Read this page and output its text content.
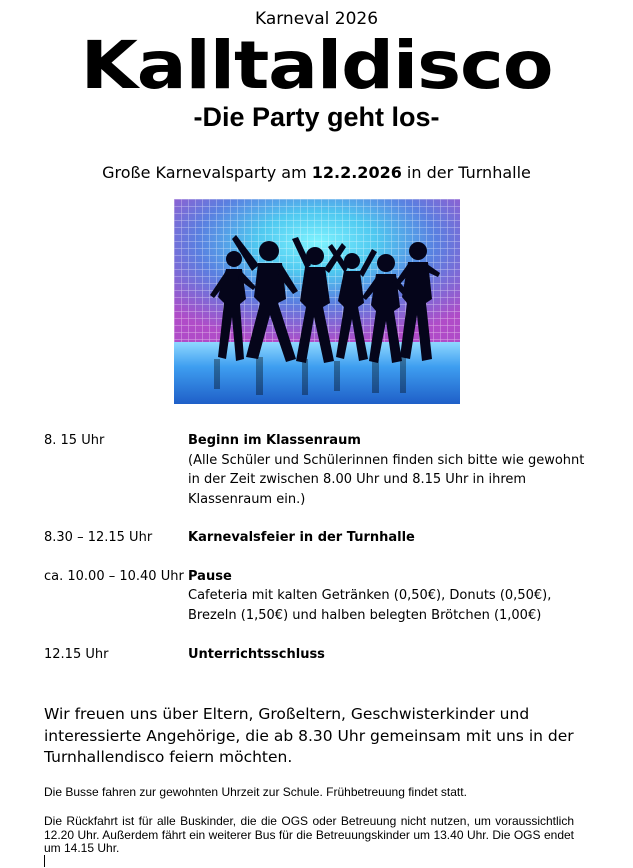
Karneval 2026
Kalltaldisco
-Die Party geht los-
Große Karnevalsparty am 12.2.2026 in der Turnhalle
8. 15 Uhr	Beginn im Klassenraum
(Alle Schüler und Schülerinnen finden sich bitte wie gewohnt
in der Zeit zwischen 8.00 Uhr und 8.15 Uhr in ihrem
Klassenraum ein.)
8.30 – 12.15 Uhr	Karnevalsfeier in der Turnhalle
ca. 10.00 – 10.40 Uhr Pause
Cafeteria mit kalten Getränken (0,50€), Donuts (0,50€),
Brezeln (1,50€) und halben belegten Brötchen (1,00€)
12.15 Uhr	Unterrichtsschluss
Wir freuen uns über Eltern, Großeltern, Geschwisterkinder und interessierte Angehörige, die ab 8.30 Uhr gemeinsam mit uns in der Turnhallendisco feiern möchten.
Die Busse fahren zur gewohnten Uhrzeit zur Schule. Frühbetreuung findet statt.
Die Rückfahrt ist für alle Buskinder, die die OGS oder Betreuung nicht nutzen, um voraussichtlich 12.20 Uhr. Außerdem fährt ein weiterer Bus für die Betreuungskinder um 13.40 Uhr. Die OGS endet um 14.15 Uhr.
